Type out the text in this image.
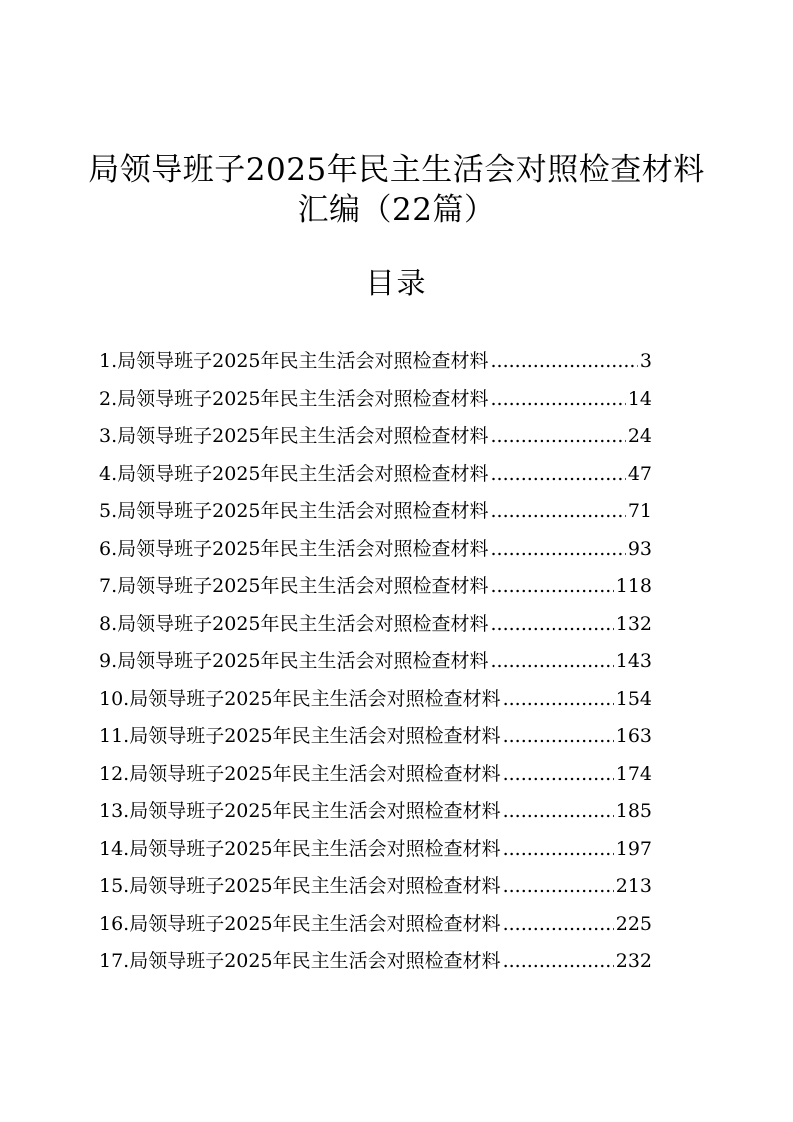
局领导班子2025年民主生活会对照检查材料
汇编（22篇）
目录
1. 局领导班子2025年民主生活会对照检查材料 .....	3
2. 局领导班子2025年民主生活会对照检查材料 .....	14
3. 局领导班子2025年民主生活会对照检查材料 .....	24
4. 局领导班子2025年民主生活会对照检查材料 .....	47
5. 局领导班子2025年民主生活会对照检查材料 .....	71
6. 局领导班子2025年民主生活会对照检查材料 .....	93
7. 局领导班子2025年民主生活会对照检查材料 .....	118
8. 局领导班子2025年民主生活会对照检查材料 .....	132
9. 局领导班子2025年民主生活会对照检查材料 .....	143
10. 局领导班子2025年民主生活会对照检查材料 .....	154
11. 局领导班子2025年民主生活会对照检查材料 .....	163
12. 局领导班子2025年民主生活会对照检查材料 .....	174
13. 局领导班子2025年民主生活会对照检查材料 .....	185
14. 局领导班子2025年民主生活会对照检查材料 .....	197
15. 局领导班子2025年民主生活会对照检查材料 .....	213
16. 局领导班子2025年民主生活会对照检查材料 .....	225
17. 局领导班子2025年民主生活会对照检查材料 .....	232
